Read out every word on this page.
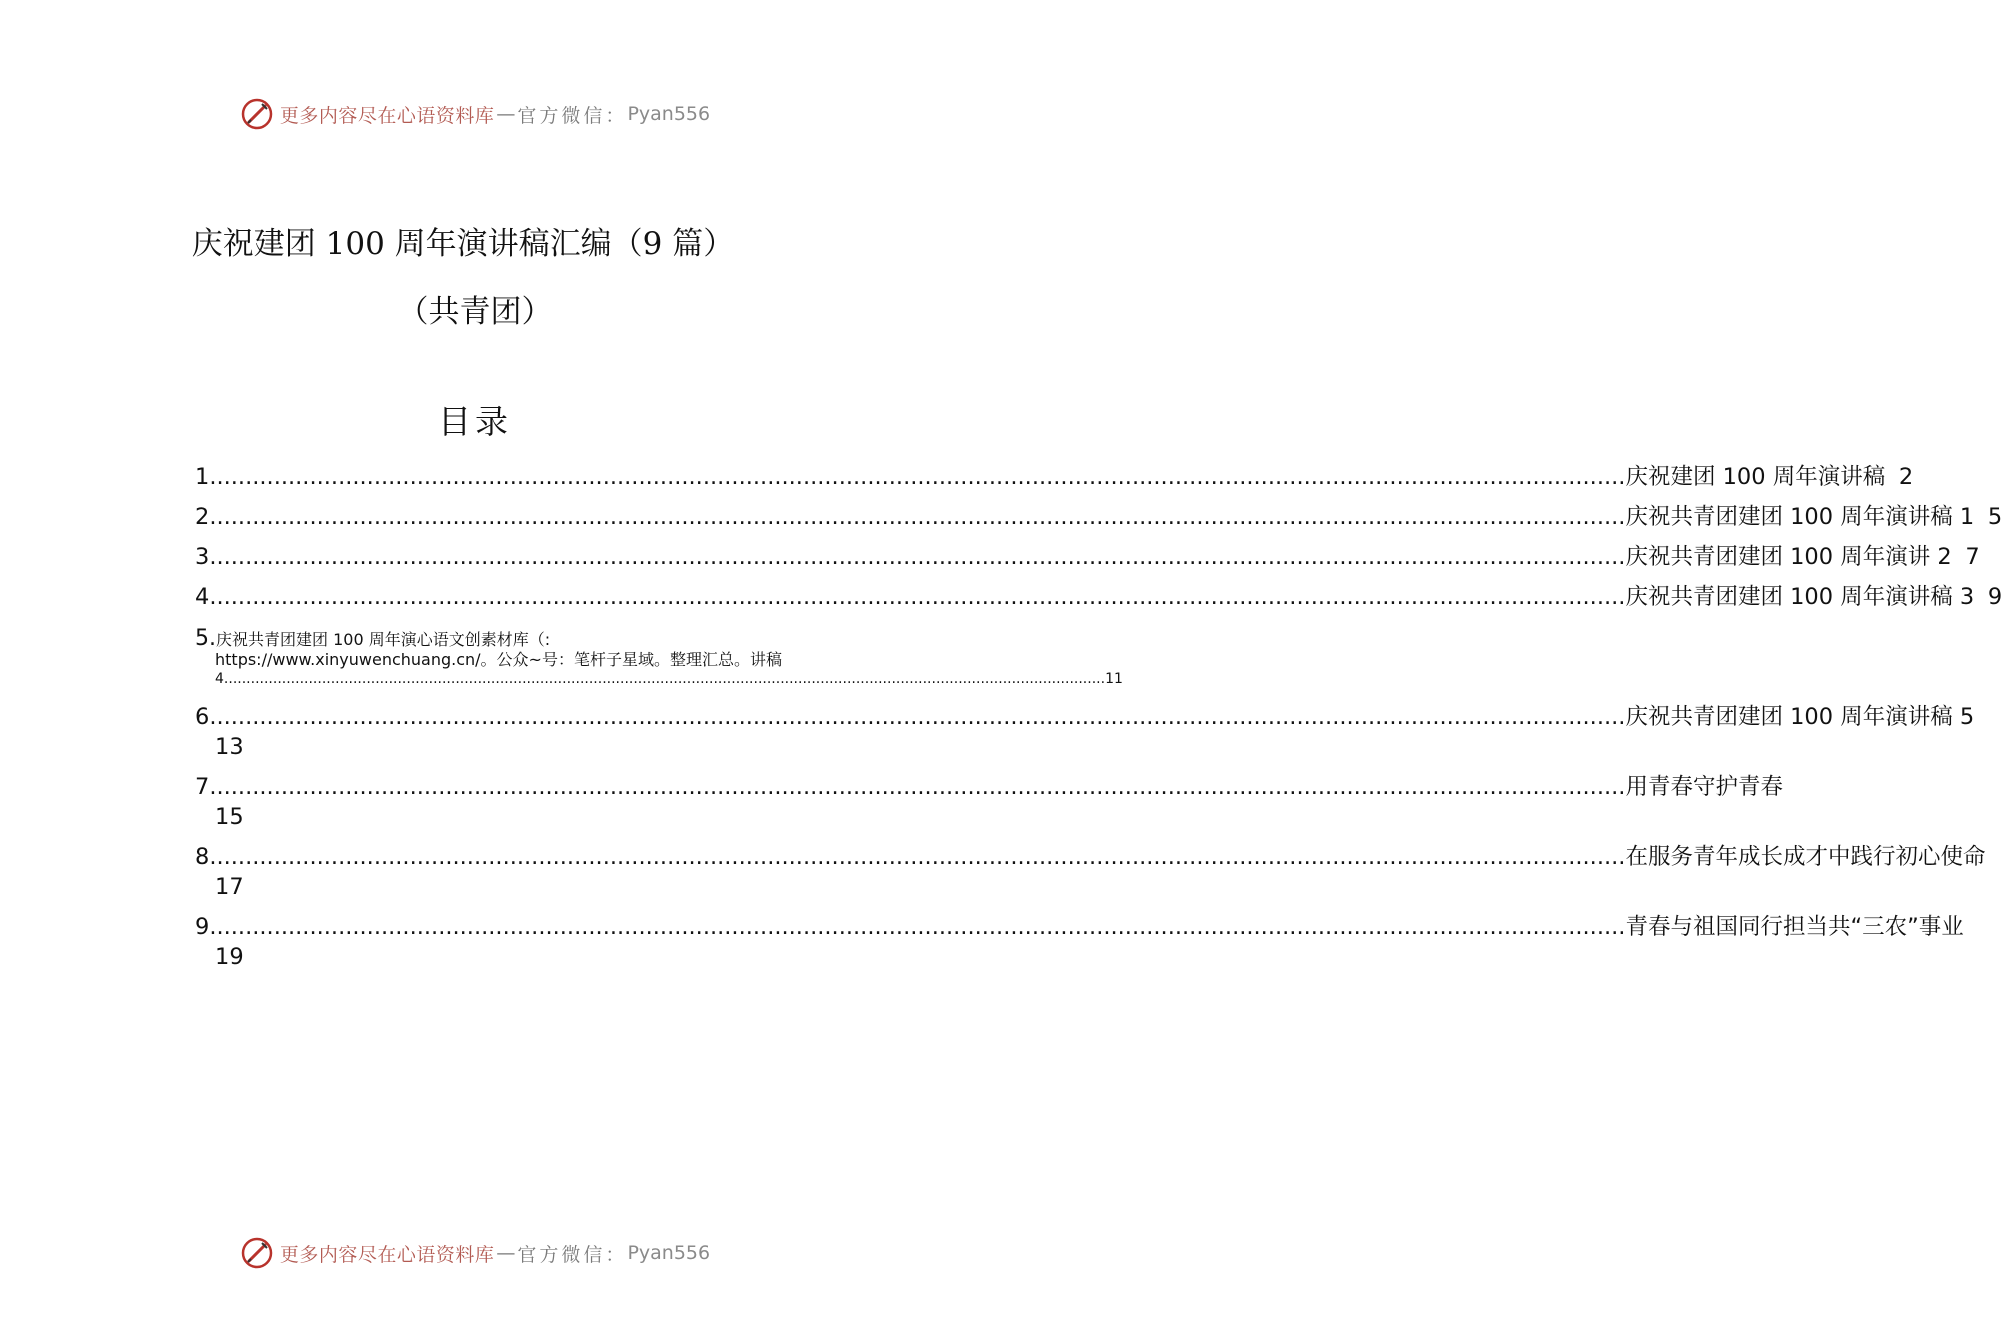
更多内容尽在心语资料库 — 官方微信： Pyan556
庆祝建团 100 周年演讲稿汇编（9 篇）
（共青团）
目录
1 ...................................................................................................................................................................................................... 庆祝建团 100 周年演讲稿 2
2 ...................................................................................................................................................................................................... 庆祝共青团建团 100 周年演讲稿 1 5
3 ...................................................................................................................................................................................................... 庆祝共青团建团 100 周年演讲 2 7
4 ...................................................................................................................................................................................................... 庆祝共青团建团 100 周年演讲稿 3 9
5.庆祝共青团建团 100 周年演心语文创素材库（:
https://www.xinyuwenchuang.cn/。公众~号：笔杆子星域。整理汇总。讲稿
4 ...................................................................................................................................................................................................... 11
6 ...................................................................................................................................................................................................... 庆祝共青团建团 100 周年演讲稿 5
13
7 ...................................................................................................................................................................................................... 用青春守护青春
15
8 ...................................................................................................................................................................................................... 在服务青年成长成才中践行初心使命
17
9 ...................................................................................................................................................................................................... 青春与祖国同行担当共“三农”事业
19
更多内容尽在心语资料库 — 官方微信： Pyan556
